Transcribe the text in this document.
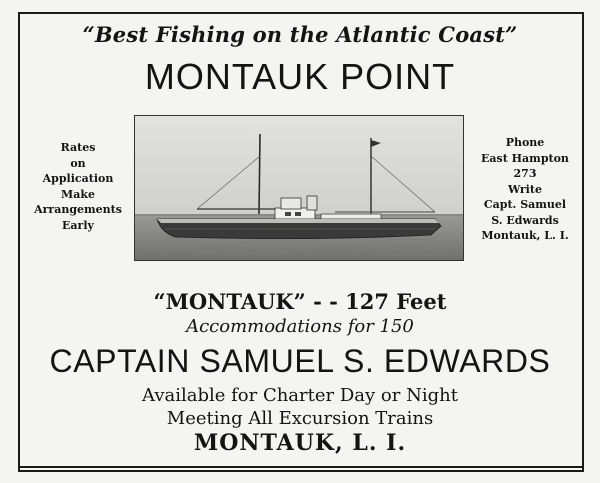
“Best Fishing on the Atlantic Coast”
MONTAUK POINT
Rates
on
Application
Make
Arrangements
Early
Phone
East Hampton
273
Write
Capt. Samuel
S. Edwards
Montauk, L. I.
“MONTAUK” - - 127 Feet
Accommodations for 150
CAPTAIN SAMUEL S. EDWARDS
Available for Charter Day or Night
Meeting All Excursion Trains
MONTAUK, L. I.
